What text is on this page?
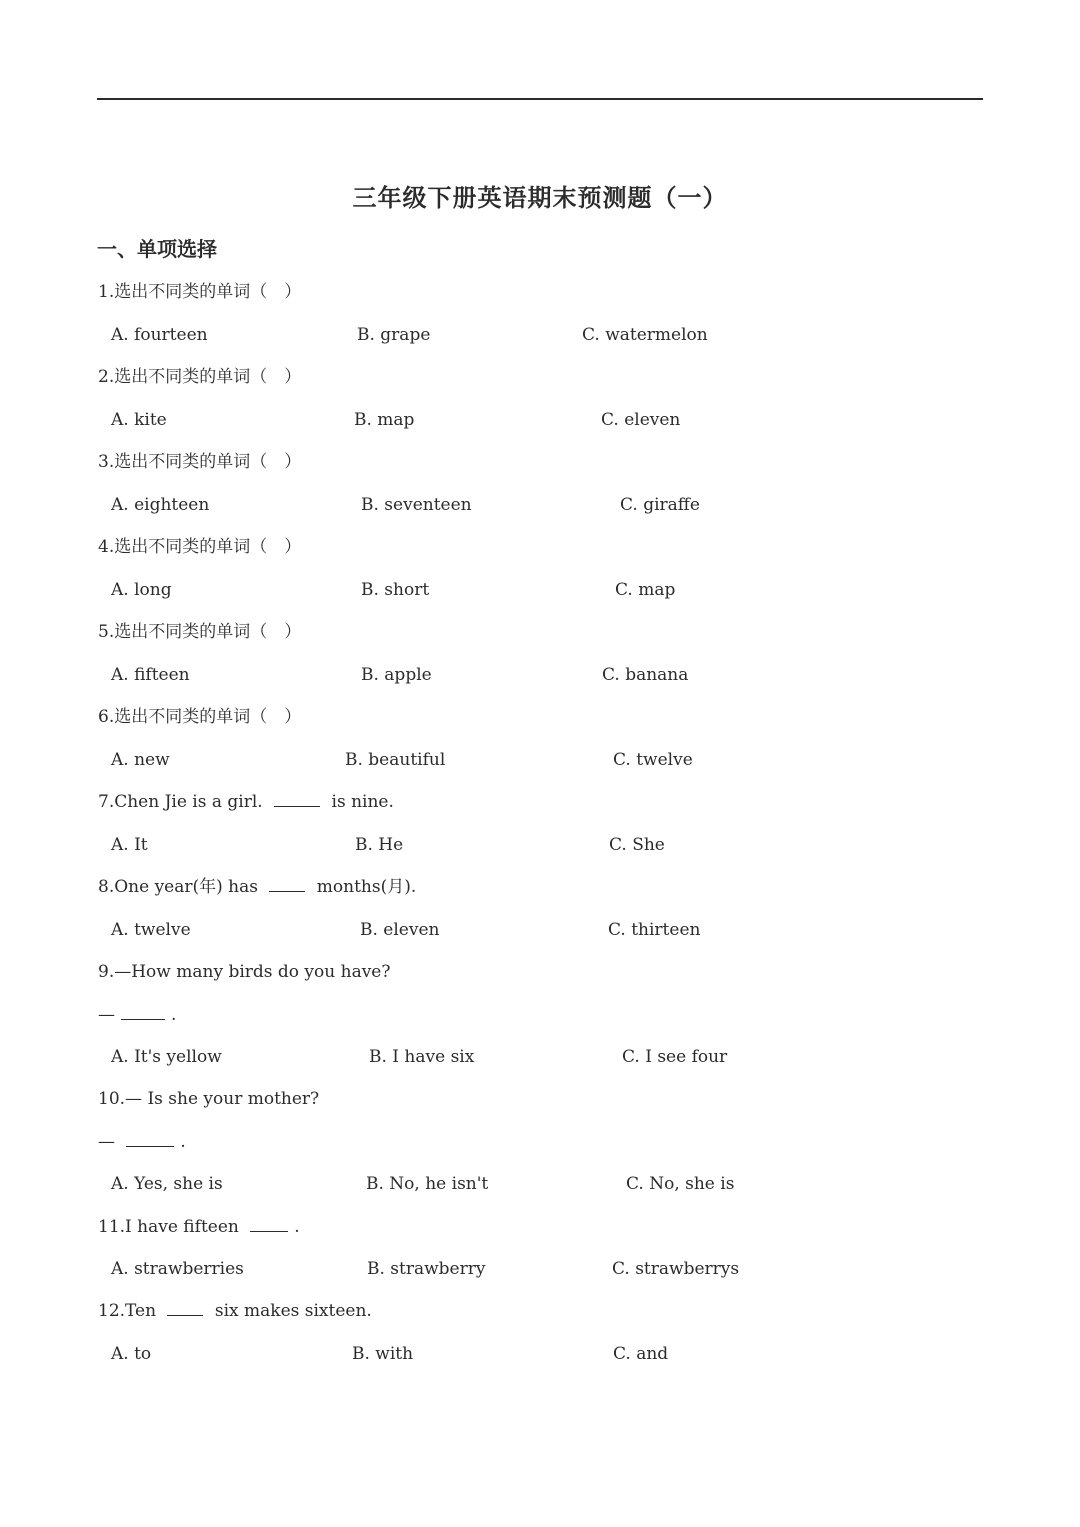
三年级下册英语期末预测题（一）
一、单项选择
1.选出不同类的单词（　）
A. fourteen	B. grape	C. watermelon
2.选出不同类的单词（　）
A. kite	B. map	C. eleven
3.选出不同类的单词（　）
A. eighteen	B. seventeen	C. giraffe
4.选出不同类的单词（　）
A. long	B. short	C. map
5.选出不同类的单词（　）
A. fifteen	B. apple	C. banana
6.选出不同类的单词（　）
A. new	B. beautiful	C. twelve
7.Chen Jie is a girl.	is nine.
A. It	B. He	C. She
8.One year(年) has	months(月).
A. twelve	B. eleven	C. thirteen
9.—How many birds do you have?
—	.
A. It's yellow	B. I have six	C. I see four
10.— Is she your mother?
—	.
A. Yes, she is	B. No, he isn't	C. No, she is
11.I have fifteen	.
A. strawberries	B. strawberry	C. strawberrys
12.Ten	six makes sixteen.
A. to	B. with	C. and
